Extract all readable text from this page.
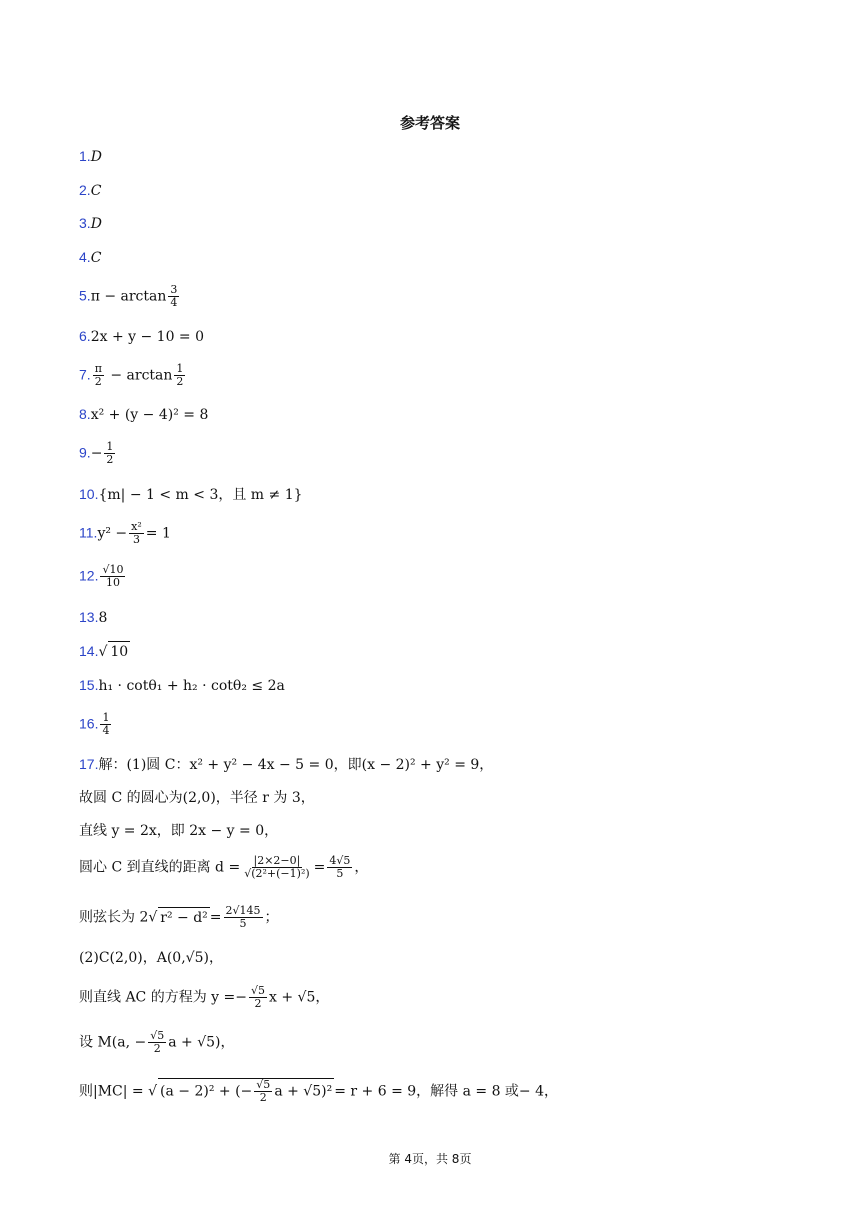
参考答案
1.D
2.C
3.D
4.C
$5.\pi - \arctan \frac{3}{4}$
6.2x + y − 10 = 0
7. $\frac{\pi}{2} - \arctan \frac{1}{2}$
8.x² + (y − 4)² = 8
$9.- \frac{1}{2}$
10.{m| − 1 < m < 3，且 m ≠ 1}
$11.y^2 - \frac{\text{x²}}{3} = 1$
12. $\frac{√10}{10}$
13.8
14.√ 10
15.h₁ · cotθ₁ + h₂ · cotθ₂ ≤ 2a
16. $\frac{1}{4}$
17.解：(1)圆 C：x² + y² − 4x − 5 = 0，即(x − 2)² + y² = 9，
故圆 C 的圆心为(2,0)，半径 r 为 3，
直线 y = 2x，即 2x − y = 0，
圆心 C 到直线的距离 $d = \frac{|2\times 2-0|}{\text{√(2²+(−1)²)}} = \frac{4√5}{5}$ ，
则弦长为 2√ $r^2 - d^2 = \frac{2√145}{5}$ ；
(2)C(2,0)，A(0,√5)，
则直线 AC 的方程为 $y =- \frac{√5}{2}$ x + √5，
设 M(a, − $\frac{√5}{2}$ a + √5)，
则|MC| = √ (a − 2)² + (− $\frac{√5}{2}$ a + √5)² = r + 6 = 9，解得 a = 8 或− 4，
第 4页，共 8页
